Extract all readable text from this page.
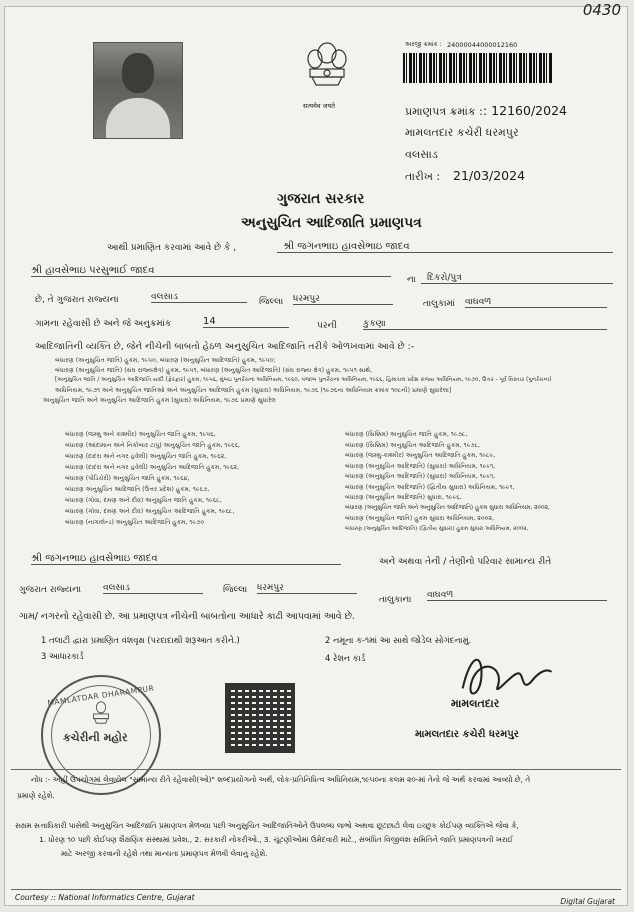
0430
सत्यमेव जयते
અરજી ક્રમાંક : 24000044000012160
પ્રમાણપત્ર ક્રમાંક : : 12160/2024
મામલતદાર કચેરી ધરમપુર
વલસાડ
તારીખ : 21/03/2024
ગુજરાત સરકાર
અનુસુચિત આદિજાતિ પ્રમાણપત્ર
આથી પ્રમાણિત કરવામાં આવે છે કે ,	શ્રી જગનભાઇ હાવસેભાઇ જાદવ
શ્રી હાવસેભાઇ પરસુભાઈ જાદવ
ના	દિકરો/પુત્ર
છે, તે ગુજરાત રાજ્યના	વલસાડ	જિલ્લા ધરમપુર	તાલુકામાં વાઘવળ
ગામના રહેવાસી છે અને જે અનુક્રમાંક	14	પરની	કુકણા
આદિજાતિની વ્યક્તિ છે, જેને નીચેની બાબતો હેઠળ અનુસુચિત આદિજાતિ તરીકે ઓળખવામાં આવે છે :-
બંધારણ (અનુસુચિત જાતિ) હુકમ, ૧૯૫૦, બંધારણ (અનુસુચિત આદિજાતિ) હુકમ, ૧૯૫૦;
બંધારણ (અનુસુચિત જાતિ) (સંઘ રાજ્યક્ષેત્ર) હુકમ, ૧૯૫૧, બંધારણ (અનુસુચિત આદિજાતિ) (સંઘ રાજ્ય ક્ષેત્ર) હુકમ, ૧૯૫૧ સાથે,
[અનુસુચિત જાતિ / અનુસુચિત આદિજાતિ યાદી (ફેરફાર) હુકમ, ૧૯૫૬, મુંબઇ પુનર્રચના અધિનિયમ, ૧૯૬૦, પંજાબ પુનર્રચના અધિનિયમ, ૧૯૬૬, હિમાચલ પ્રદેશ રાજ્ય અધિનિયમ, ૧૯૭૦, ઉત્તર - પૂર્વ વિસ્તાર (પુનર્રચના)
અધિનિયમ, ૧૯૭૧ અને અનુસુચિત જાતિઓ અને અનુસુચિત આદિજાતિ હુકમ (સુધારા) અધિનિયમ, ૧૯૭૬ (૧૯૭૬ના અધિનિયમ ક્રમાંક ૧૦૮ની) પ્રમાણે સુધારેલા]
અનુસુચિત જાતિ અને અનુસુચિત આદિજાતિ હુકમ (સુધારા) અધિનિયમ, ૧૯૭૬ પ્રમાણે સુધારેલ
બંધારણ (જમ્મુ અને કાશ્મીર) અનુસુચિત જાતિ હુકમ, ૧૯૫૬,
બંધારણ (આંદામાન અને નિકોબાર ટાપુ) અનુસુચિત જાતિ હુકમ, ૧૯૬૬,
બંધારણ (દાદરા અને નગર હવેલી) અનુસુચિત જાતિ હુકમ, ૧૯૬૨,
બંધારણ (દાદરા અને નગર હવેલી) અનુસુચિત આદિજાતિ હુકમ, ૧૯૬૨,
બંધારણ (પોંડિચેરી) અનુસુચિત જાતિ હુકમ, ૧૯૬૪,
બંધારણ અનુસુચિત આદિજાતિ (ઉત્તર પ્રદેશ) હુકમ, ૧૯૬૭,
બંધારણ (ગોવા, દમણ અને દીવ) અનુસુચિત જાતિ હુકમ, ૧૯૬૮,
બંધારણ (ગોવા, દમણ અને દીવ) અનુસુચિત આદિજાતિ હુકમ, ૧૯૬૮,
બંધારણ (નાગાલેન્ડ) અનુસુચિત આદિજાતિ હુકમ, ૧૯૭૦
બંધારણ (સિક્કિમ) અનુસુચિત જાતિ હુકમ, ૧૯૭૮,
બંધારણ (સિક્કિમ) અનુસુચિત આદિજાતિ હુકમ, ૧૯૭૮,
બંધારણ (જમ્મુ-કાશ્મીર) અનુસુચિત આદિજાતિ હુકમ, ૧૯૮૯,
બંધારણ (અનુસુચિત આદિજાતિ) (સુધારા) અધિનિયમ, ૧૯૯૧,
બંધારણ (અનુસુચિત આદિજાતિ) (સુધારા) અધિનિયમ, ૧૯૯૧,
બંધારણ (અનુસુચિત આદિજાતિ) (દ્વિતીય સુધારા) અધિનિયમ, ૧૯૯૧,
બંધારણ (અનુસુચિત આદિજાતિ) સુધારા, ૧૯૯૬,
બંધારણ (અનુસુચિત જાતિ અને અનુસુચિત આદિજાતિ) હુકમ સુધારા અધિનિયમ, ૨૦૦૨,
બંધારણ (અનુસુચિત જાતિ) હુકમ સુધારા અધિનિયમ, ૨૦૦૨,
બંધારણ (અનુસુચિત આદિજાતિ) (દ્વિતીય સુધારા) હુકમ સુધારા અધિનિયમ, ૨૦૦૨,
શ્રી જગનભાઇ હાવસેભાઇ જાદવ	અને અથવા તેની / તેણીનો પરિવાર સામાન્ય રીતે
ગુજરાત રાજ્યના વલસાડ	જિલ્લા ધરમપુર
તાલુકાના વાઘવળ
ગામ/ નગરનો રહેવાસી છે. આ પ્રમાણપત્ર નીચેની બાબતોના આધારે કાઢી આપવામાં આવે છે.
1 તલાટી દ્વારા પ્રમાણિત વંશવૃક્ષ (પરદાદાથી શરૂઆત કરીને.)	2 નમૂના ક-૧માં આ સાથે જોડેલ સોગંદનામું.
3 આધારકાર્ડ	4 રેશન કાર્ડ
MAMLATDAR DHARAMPUR
કચેરીની મહોર
મામલતદાર
મામલતદાર કચેરી ધરમપુર
નોંધ :- અહીં ઉપયોગમાં લેવાયેલ "સામાન્ય રીતે રહેવાસી(ઓ)" શબ્દપ્રયોગનો અર્થ, લોક-પ્રતિનિધિત્વ અધિનિયમ,૧૯૫૦ના કલમ ૨૦-માં તેનો જે અર્થ કરવામાં આવ્યો છે, તે
પ્રમાણે રહેશે.
સક્ષમ સત્તાધિકારી પાસેથી અનુસુચિત આદિજાતિ પ્રમાણપત્ર મેળવ્યા પછી અનુસુચિત આદિજાતિઓને ઉપલબ્ધ લાભો અથવા છૂટછાટો લેવા ઇચ્છુક કોઈપણ વ્યક્તિએ જેવા કે,
1. ધોરણ ૧૦ પછી કોઈપણ શૈક્ષણિક સંસ્થામાં પ્રવેશ., 2. સરકારી નોકરીઓ., 3. ચૂંટણીઓમાં ઉમેદવારી માટે., સંબંધિત વિજીલંશ સમિતિને જાતિ પ્રમાણપત્રની ખરાઈ
માટે અરજી કરવાની રહેશે તથા માન્યતા પ્રમાણપત્ર મેળવી લેવાનું રહેશે.
Courtesy :: National Informatics Centre, Gujarat	Digital Gujarat
